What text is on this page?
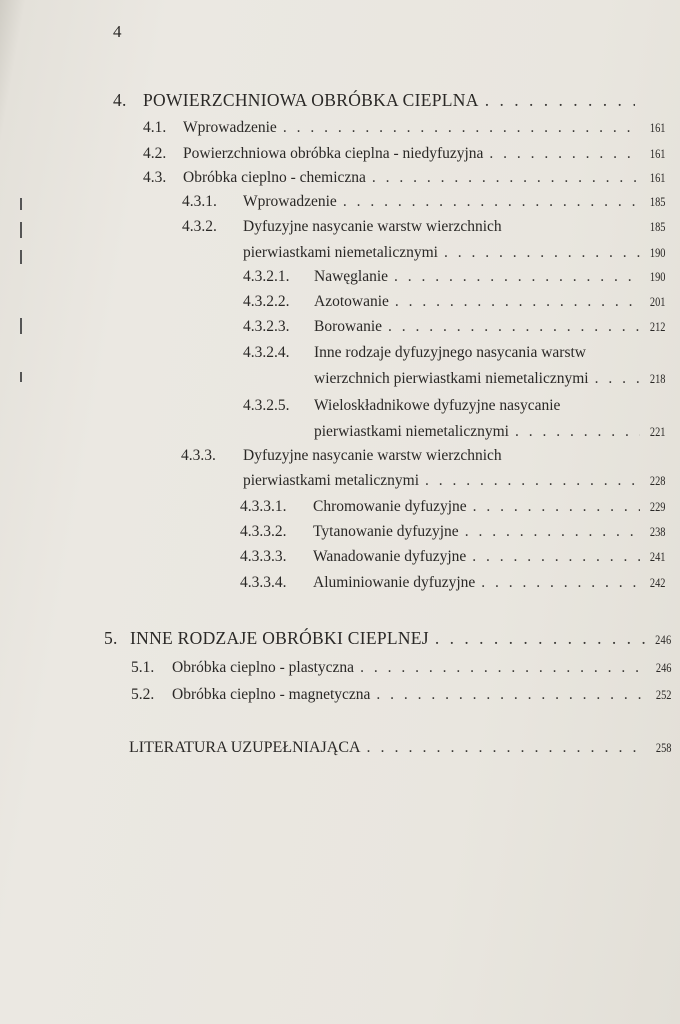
4
4. POWIERZCHNIOWA OBRÓBKA CIEPLNA
. . .
4.1.	Wprowadzenie . . .	161
4.2.	Powierzchniowa obróbka cieplna - niedyfuzyjna . . .	161
4.3.	Obróbka cieplno - chemiczna . . .	161
4.3.1.	Wprowadzenie . . .	185
4.3.2.	Dyfuzyjne nasycanie warstw wierzchnich	185
pierwiastkami niemetalicznymi . . .	190
4.3.2.1.	Nawęglanie . . .	190
4.3.2.2.	Azotowanie . . .	201
4.3.2.3.	Borowanie . . .	212
4.3.2.4.	Inne rodzaje dyfuzyjnego nasycania warstw
wierzchnich pierwiastkami niemetalicznymi . . .	218
4.3.2.5.	Wieloskładnikowe dyfuzyjne nasycanie
pierwiastkami niemetalicznymi . . .	221
4.3.3.	Dyfuzyjne nasycanie warstw wierzchnich
pierwiastkami metalicznymi . . .	228
4.3.3.1.	Chromowanie dyfuzyjne . . .	229
4.3.3.2.	Tytanowanie dyfuzyjne . . .	238
4.3.3.3.	Wanadowanie dyfuzyjne . . .	241
4.3.3.4.	Aluminiowanie dyfuzyjne . . .	242
5. INNE RODZAJE OBRÓBKI CIEPLNEJ . . .	246
5.1.	Obróbka cieplno - plastyczna . . .	246
5.2.	Obróbka cieplno - magnetyczna . . .	252
LITERATURA UZUPEŁNIAJĄCA . . .	258
